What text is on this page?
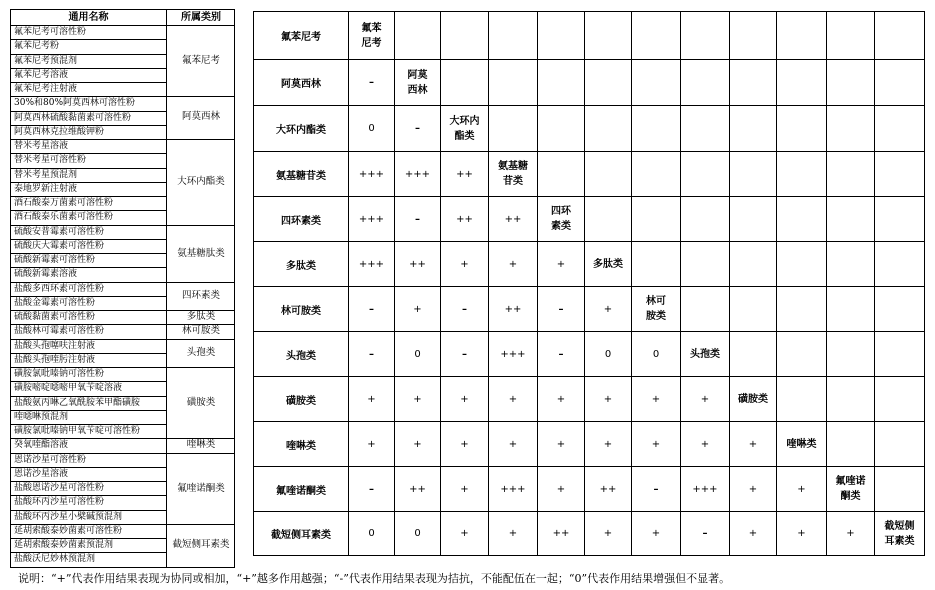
通用名称	所属类别
氟苯尼考可溶性粉
氟苯尼考粉
氟苯尼考预混剂
氟苯尼考溶液
氟苯尼考注射液
氟苯尼考
30%和80%阿莫西林可溶性粉
阿莫西林硫酸黏菌素可溶性粉
阿莫西林克拉维酸钾粉
阿莫西林
替米考星溶液
替米考星可溶性粉
替米考星预混剂
泰地罗新注射液
酒石酸泰万菌素可溶性粉
酒石酸泰乐菌素可溶性粉
大环内酯类
硫酸安普霉素可溶性粉
硫酸庆大霉素可溶性粉
硫酸新霉素可溶性粉
硫酸新霉素溶液
氨基糖肽类
盐酸多西环素可溶性粉
盐酸金霉素可溶性粉
四环素类
硫酸黏菌素可溶性粉	多肽类
盐酸林可霉素可溶性粉	林可胺类
盐酸头孢噻呋注射液
盐酸头孢喹肟注射液
头孢类
磺胺氯吡嗪钠可溶性粉
磺胺嘧啶噁嘧甲氧苄啶溶液
盐酸氨丙啉乙氧酰胺苯甲酯磺胺
喹噁啉预混剂
磺胺氯吡嗪钠甲氧苄啶可溶性粉
磺胺类
癸氧喹酯溶液	喹啉类
恩诺沙星可溶性粉
恩诺沙星溶液
盐酸恩诺沙星可溶性粉
盐酸环丙沙星可溶性粉
盐酸环丙沙星小檗碱预混剂
氟喹诺酮类
延胡索酸泰妙菌素可溶性粉
延胡索酸泰妙菌素预混剂
盐酸沃尼妙林预混剂
截短侧耳素类
氟苯尼考	氟苯
尼考											
阿莫西林	–	阿莫
西林										
大环内酯类	0	–	大环内
酯类									
氨基糖苷类	+++	+++	++	氨基糖
苷类								
四环素类	+++	–	++	++	四环
素类							
多肽类	+++	++	+	+	+	多肽类						
林可胺类	–	+	–	++	–	+	林可
胺类					
头孢类	–	0	–	+++	–	0	0	头孢类				
磺胺类	+	+	+	+	+	+	+	+	磺胺类			
喹啉类	+	+	+	+	+	+	+	+	+	喹啉类		
氟喹诺酮类	–	++	+	+++	+	++	–	+++	+	+	氟喹诺
酮类	
截短侧耳素类	0	0	+	+	++	+	+	–	+	+	+	截短侧
耳素类
说明：“+”代表作用结果表现为协同或相加，“+”越多作用越强；“-”代表作用结果表现为拮抗，不能配伍在一起；“0”代表作用结果增强但不显著。
